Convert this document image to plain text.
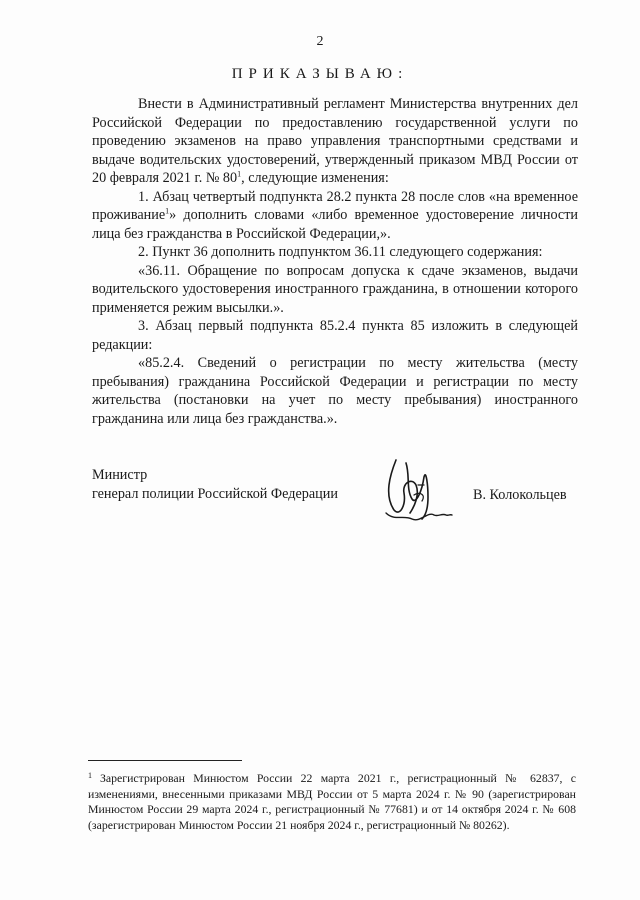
2
ПРИКАЗЫВАЮ:

Внести в Административный регламент Министерства внутренних дел Российской Федерации по предоставлению государственной услуги по проведению экзаменов на право управления транспортными средствами и выдаче водительских удостоверений, утвержденный приказом МВД России от 20 февраля 2021 г. № $80^1$, следующие изменения:

1. Абзац четвертый подпункта 28.2 пункта 28 после слов «на временное проживание$^1$» дополнить словами «либо временное удостоверение личности лица без гражданства в Российской Федерации,».

2. Пункт 36 дополнить подпунктом 36.11 следующего содержания:

«36.11. Обращение по вопросам допуска к сдаче экзаменов, выдачи водительского удостоверения иностранного гражданина, в отношении которого применяется режим высылки.».

3. Абзац первый подпункта 85.2.4 пункта 85 изложить в следующей редакции:

«85.2.4. Сведений о регистрации по месту жительства (месту пребывания) гражданина Российской Федерации и регистрации по месту жительства (постановки на учет по месту пребывания) иностранного гражданина или лица без гражданства.».

Министр
генерал полиции Российской Федерации	В. Колокольцев

$^1$ Зарегистрирован Минюстом России 22 марта 2021 г., регистрационный № 62837, с изменениями, внесенными приказами МВД России от 5 марта 2024 г. № 90 (зарегистрирован Минюстом России 29 марта 2024 г., регистрационный № 77681) и от 14 октября 2024 г. № 608 (зарегистрирован Минюстом России 21 ноября 2024 г., регистрационный № 80262).
